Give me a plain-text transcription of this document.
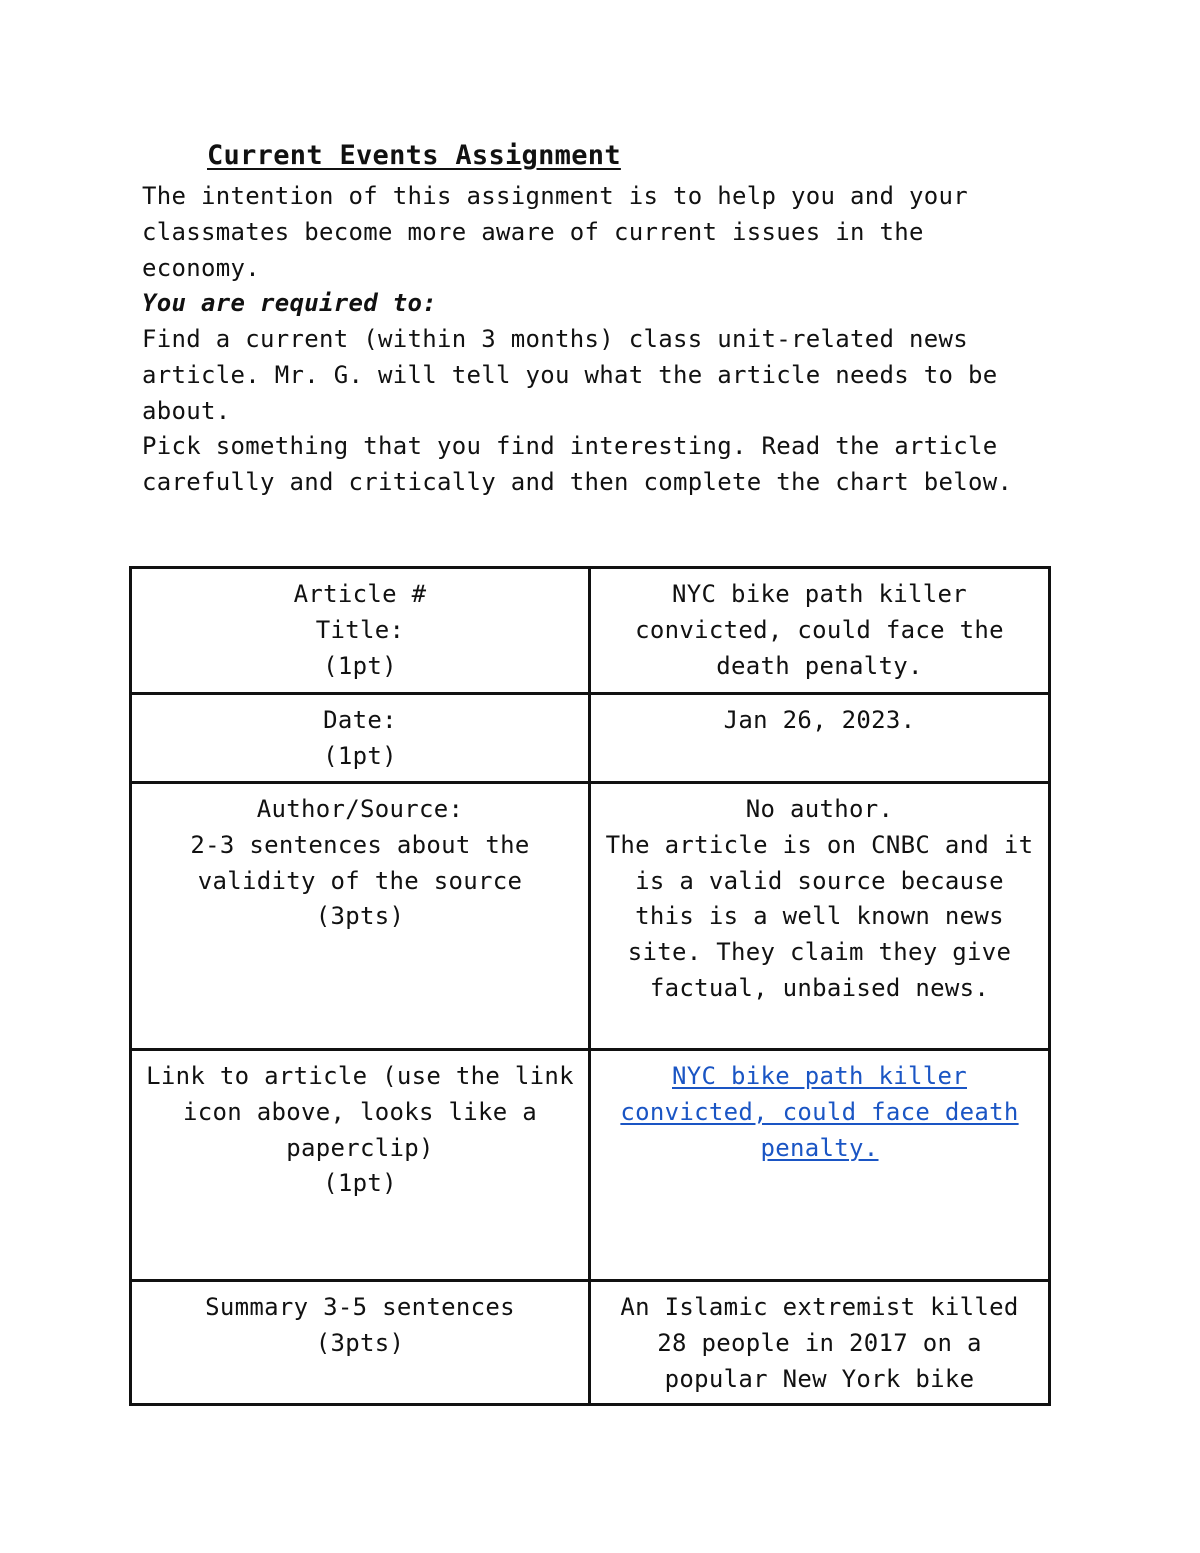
Current Events Assignment
The intention of this assignment is to help you and your classmates become more aware of current issues in the economy.
You are required to:

Find a current (within 3 months) class unit-related news article. Mr. G. will tell you what the article needs to be about.

Pick something that you find interesting. Read the article carefully and critically and then complete the chart below.

Article #
Title:
(1pt)	NYC bike path killer convicted, could face the death penalty.

Date:
(1pt)	Jan 26, 2023.

Author/Source:
2-3 sentences about the validity of the source
(3pts)	No author.
The article is on CNBC and it is a valid source because this is a well known news site. They claim they give factual, unbaised news.

Link to article (use the link icon above, looks like a paperclip)
(1pt)	NYC bike path killer convicted, could face death penalty.

Summary 3-5 sentences
(3pts)	An Islamic extremist killed 28 people in 2017 on a popular New York bike
